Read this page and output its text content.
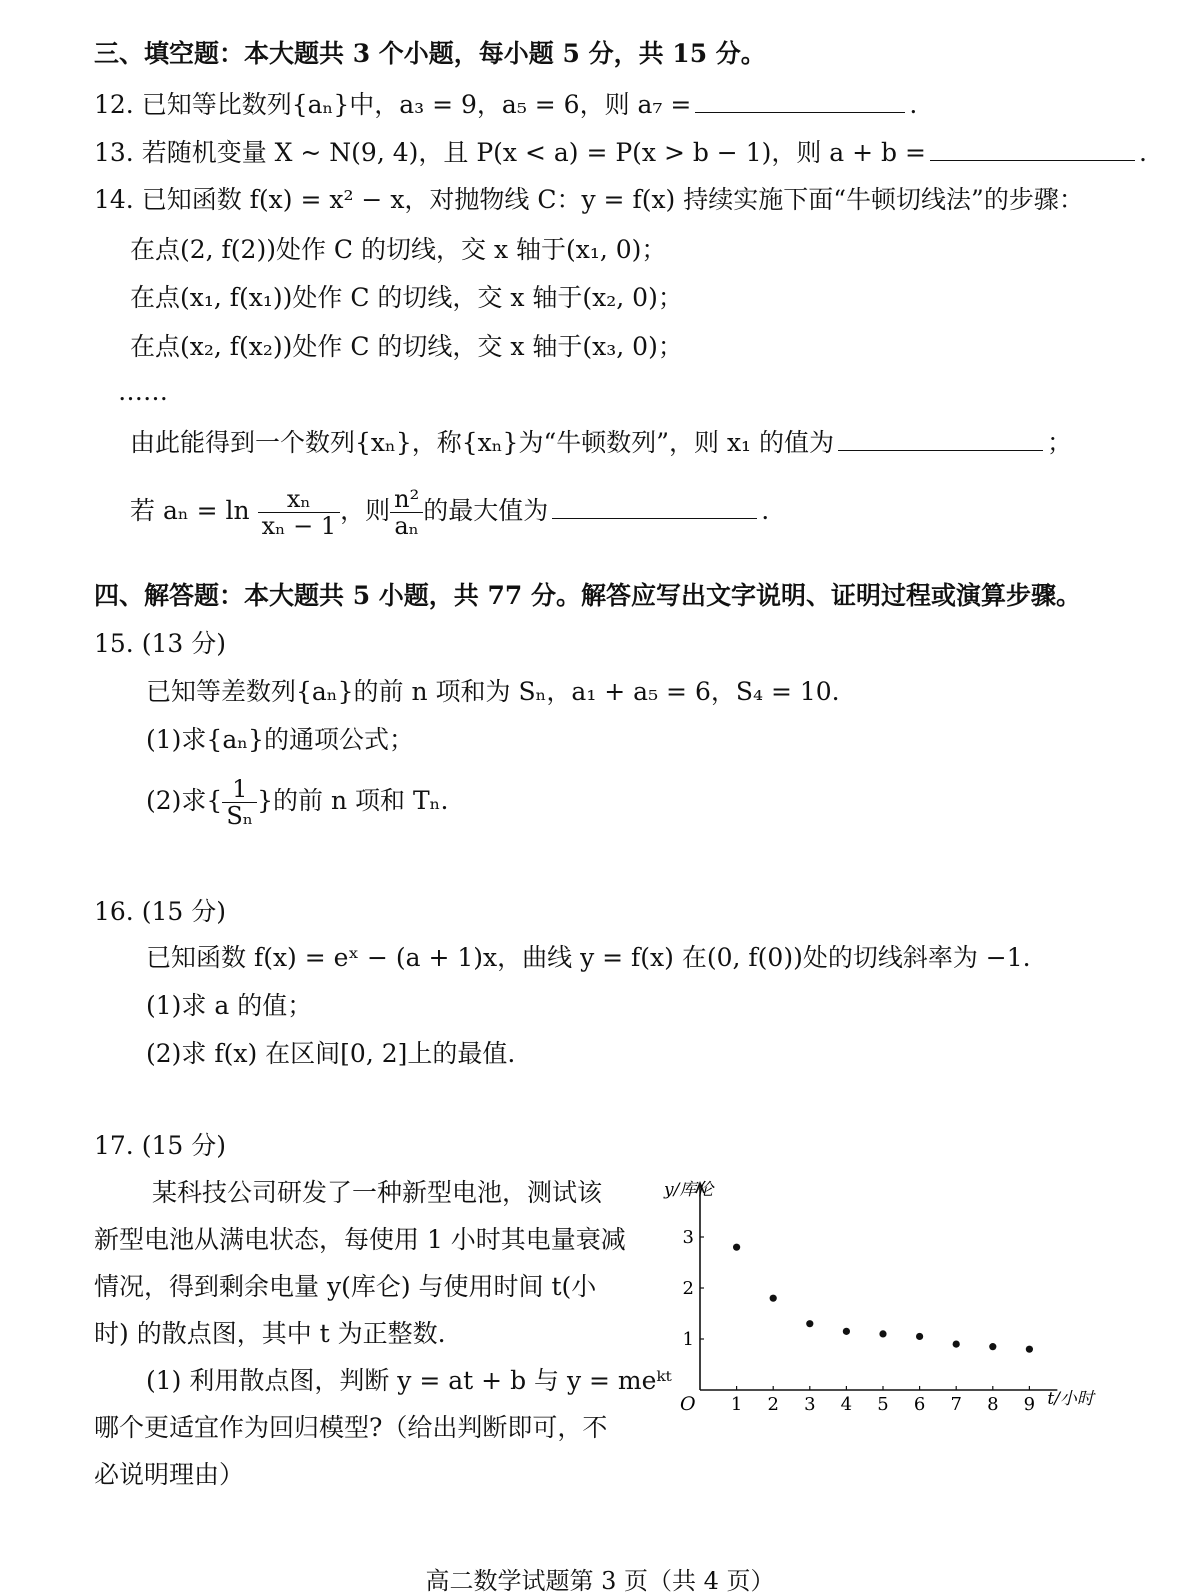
三、填空题：本大题共 3 个小题，每小题 5 分，共 15 分。
12. 已知等比数列{aₙ}中，a₃ = 9，a₅ = 6，则 a₇ =	.
13. 若随机变量 X ~ N(9, 4)，且 P(x < a) = P(x > b − 1)，则 a + b =	.
14. 已知函数 f(x) = x² − x，对抛物线 C：y = f(x) 持续实施下面“牛顿切线法”的步骤：
在点(2, f(2))处作 C 的切线，交 x 轴于(x₁, 0)；
在点(x₁, f(x₁))处作 C 的切线，交 x 轴于(x₂, 0)；
在点(x₂, f(x₂))处作 C 的切线，交 x 轴于(x₃, 0)；
……
由此能得到一个数列{xₙ}，称{xₙ}为“牛顿数列”，则 x₁ 的值为	；
若 $a_n = \ln \frac{\text{xₙ}}{\text{xₙ − 1}}$ ，则 $\frac{\text{n²}}{\text{aₙ}}$ 的最大值为	.
四、解答题：本大题共 5 小题，共 77 分。解答应写出文字说明、证明过程或演算步骤。
15. (13 分)
已知等差数列{aₙ}的前 n 项和为 Sₙ，a₁ + a₅ = 6，S₄ = 10.
(1)求{aₙ}的通项公式；
(2)求{ $\frac{1}{\text{Sₙ}}$ }的前 n 项和 Tₙ.
16. (15 分)
已知函数 f(x) = eˣ − (a + 1)x，曲线 y = f(x) 在(0, f(0))处的切线斜率为 −1.
(1)求 a 的值；
(2)求 f(x) 在区间[0, 2]上的最值.
17. (15 分)
某科技公司研发了一种新型电池，测试该
新型电池从满电状态，每使用 1 小时其电量衰减
情况，得到剩余电量 y(库仑) 与使用时间 t(小
时) 的散点图，其中 t 为正整数.
(1) 利用散点图，判断 y = at + b 与 y = meᵏᵗ
哪个更适宜作为回归模型?（给出判断即可，不
必说明理由）
y/库伦
t/小时
O 1 2 3 4 5 6 7 8 9
1
2
3
高二数学试题第 3 页（共 4 页）
